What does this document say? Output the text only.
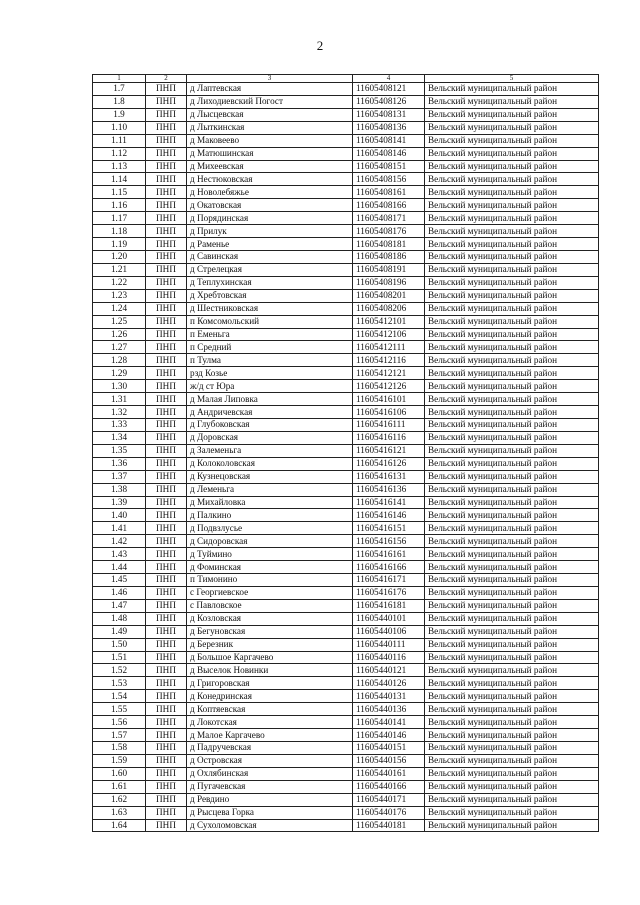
2
1	2	3	4	5
1.7	ПНП	д Лаптевская	11605408121	Вельский муниципальный район
1.8	ПНП	д Лиходиевский Погост	11605408126	Вельский муниципальный район
1.9	ПНП	д Лысцевская	11605408131	Вельский муниципальный район
1.10	ПНП	д Лыткинская	11605408136	Вельский муниципальный район
1.11	ПНП	д Маковеево	11605408141	Вельский муниципальный район
1.12	ПНП	д Матюшинская	11605408146	Вельский муниципальный район
1.13	ПНП	д Михеевская	11605408151	Вельский муниципальный район
1.14	ПНП	д Нестюковская	11605408156	Вельский муниципальный район
1.15	ПНП	д Новолебяжье	11605408161	Вельский муниципальный район
1.16	ПНП	д Окатовская	11605408166	Вельский муниципальный район
1.17	ПНП	д Порядинская	11605408171	Вельский муниципальный район
1.18	ПНП	д Прилук	11605408176	Вельский муниципальный район
1.19	ПНП	д Раменье	11605408181	Вельский муниципальный район
1.20	ПНП	д Савинская	11605408186	Вельский муниципальный район
1.21	ПНП	д Стрелецкая	11605408191	Вельский муниципальный район
1.22	ПНП	д Теплухинская	11605408196	Вельский муниципальный район
1.23	ПНП	д Хребтовская	11605408201	Вельский муниципальный район
1.24	ПНП	д Шестниковская	11605408206	Вельский муниципальный район
1.25	ПНП	п Комсомольский	11605412101	Вельский муниципальный район
1.26	ПНП	п Еменьга	11605412106	Вельский муниципальный район
1.27	ПНП	п Средний	11605412111	Вельский муниципальный район
1.28	ПНП	п Тулма	11605412116	Вельский муниципальный район
1.29	ПНП	рзд Козье	11605412121	Вельский муниципальный район
1.30	ПНП	ж/д ст Юра	11605412126	Вельский муниципальный район
1.31	ПНП	д Малая Липовка	11605416101	Вельский муниципальный район
1.32	ПНП	д Андричевская	11605416106	Вельский муниципальный район
1.33	ПНП	д Глубоковская	11605416111	Вельский муниципальный район
1.34	ПНП	д Доровская	11605416116	Вельский муниципальный район
1.35	ПНП	д Залеменьга	11605416121	Вельский муниципальный район
1.36	ПНП	д Колоколовская	11605416126	Вельский муниципальный район
1.37	ПНП	д Кузнецовская	11605416131	Вельский муниципальный район
1.38	ПНП	д Леменьга	11605416136	Вельский муниципальный район
1.39	ПНП	д Михайловка	11605416141	Вельский муниципальный район
1.40	ПНП	д Палкино	11605416146	Вельский муниципальный район
1.41	ПНП	д Подвзлусье	11605416151	Вельский муниципальный район
1.42	ПНП	д Сидоровская	11605416156	Вельский муниципальный район
1.43	ПНП	д Туймино	11605416161	Вельский муниципальный район
1.44	ПНП	д Фоминская	11605416166	Вельский муниципальный район
1.45	ПНП	п Тимонино	11605416171	Вельский муниципальный район
1.46	ПНП	с Георгиевское	11605416176	Вельский муниципальный район
1.47	ПНП	с Павловское	11605416181	Вельский муниципальный район
1.48	ПНП	д Козловская	11605440101	Вельский муниципальный район
1.49	ПНП	д Бегуновская	11605440106	Вельский муниципальный район
1.50	ПНП	д Березник	11605440111	Вельский муниципальный район
1.51	ПНП	д Большое Каргачево	11605440116	Вельский муниципальный район
1.52	ПНП	д Выселок Новинки	11605440121	Вельский муниципальный район
1.53	ПНП	д Григоровская	11605440126	Вельский муниципальный район
1.54	ПНП	д Конедринская	11605440131	Вельский муниципальный район
1.55	ПНП	д Коптяевская	11605440136	Вельский муниципальный район
1.56	ПНП	д Локотская	11605440141	Вельский муниципальный район
1.57	ПНП	д Малое Каргачево	11605440146	Вельский муниципальный район
1.58	ПНП	д Падручевская	11605440151	Вельский муниципальный район
1.59	ПНП	д Островская	11605440156	Вельский муниципальный район
1.60	ПНП	д Охлябинская	11605440161	Вельский муниципальный район
1.61	ПНП	д Пугачевская	11605440166	Вельский муниципальный район
1.62	ПНП	д Ревдино	11605440171	Вельский муниципальный район
1.63	ПНП	д Рысцева Горка	11605440176	Вельский муниципальный район
1.64	ПНП	д Сухоломовская	11605440181	Вельский муниципальный район
